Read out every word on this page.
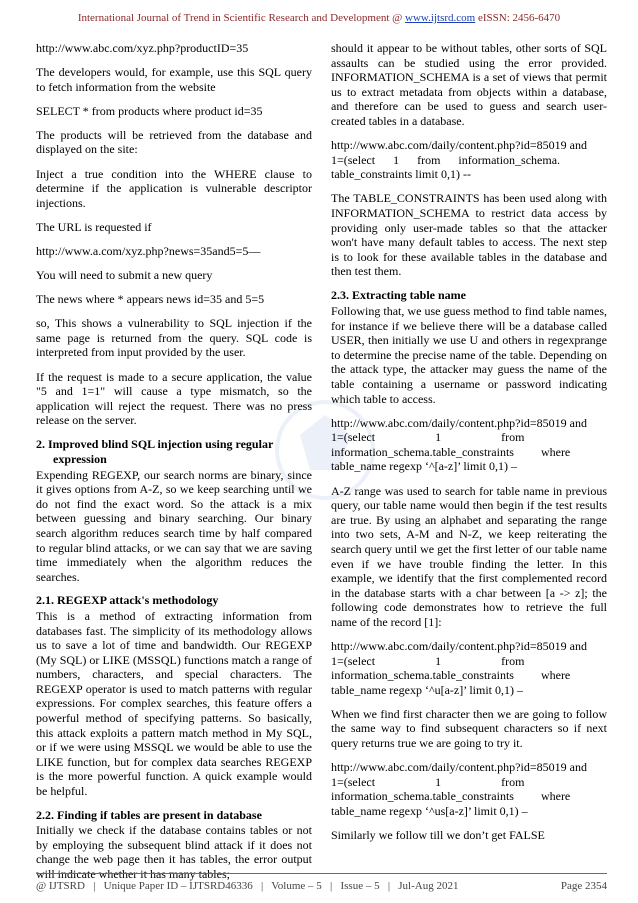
International Journal of Trend in Scientific Research and Development @ www.ijtsrd.com eISSN: 2456-6470

http://www.abc.com/xyz.php?productID=35

The developers would, for example, use this SQL query to fetch information from the website

SELECT * from products where product id=35

The products will be retrieved from the database and displayed on the site:

Inject a true condition into the WHERE clause to determine if the application is vulnerable descriptor injections.

The URL is requested if

http://www.a.com/xyz.php?news=35and5=5—

You will need to submit a new query

The news where * appears news id=35 and 5=5

so, This shows a vulnerability to SQL injection if the same page is returned from the query. SQL code is interpreted from input provided by the user.

If the request is made to a secure application, the value "5 and 1=1" will cause a type mismatch, so the application will reject the request. There was no press release on the server.

2. Improved blind SQL injection using regular expression

Expending REGEXP, our search norms are binary, since it gives options from A-Z, so we keep searching until we do not find the exact word. So the attack is a mix between guessing and binary searching. Our binary search algorithm reduces search time by half compared to regular blind attacks, or we can say that we are saving time immediately when the algorithm reduces the searches.

2.1. REGEXP attack's methodology

This is a method of extracting information from databases fast. The simplicity of its methodology allows us to save a lot of time and bandwidth. Our REGEXP (My SQL) or LIKE (MSSQL) functions match a range of numbers, characters, and special characters. The REGEXP operator is used to match patterns with regular expressions. For complex searches, this feature offers a powerful method of specifying patterns. So basically, this attack exploits a pattern match method in My SQL, or if we were using MSSQL we would be able to use the LIKE function, but for complex data searches REGEXP is the more powerful function. A quick example would be helpful.

2.2. Finding if tables are present in database

Initially we check if the database contains tables or not by employing the subsequent blind attack if it does not change the web page then it has tables, the error output will indicate whether it has many tables;

should it appear to be without tables, other sorts of SQL assaults can be studied using the error provided. INFORMATION_SCHEMA is a set of views that permit us to extract metadata from objects within a database, and therefore can be used to guess and search user-created tables in a database.

http://www.abc.com/daily/content.php?id=85019 and
1=(select      1      from      information_schema.
table_constraints limit 0,1) --

The TABLE_CONSTRAINTS has been used along with INFORMATION_SCHEMA to restrict data access by providing only user-made tables so that the attacker won't have many default tables to access. The next step is to look for these available tables in the database and then test them.

2.3. Extracting table name

Following that, we use guess method to find table names, for instance if we believe there will be a database called USER, then initially we use U and others in regexprange to determine the precise name of the table. Depending on the attack type, the attacker may guess the name of the table containing a username or password indicating which table to access.

http://www.abc.com/daily/content.php?id=85019 and
1=(select                    1                    from
information_schema.table_constraints         where
table_name regexp ‘^[a-z]’ limit 0,1) –

A-Z range was used to search for table name in previous query, our table name would then begin if the test results are true. By using an alphabet and separating the range into two sets, A-M and N-Z, we keep reiterating the search query until we get the first letter of our table name even if we have trouble finding the letter. In this example, we identify that the first complemented record in the database starts with a char between [a -> z]; the following code demonstrates how to retrieve the full name of the record [1]:

http://www.abc.com/daily/content.php?id=85019 and
1=(select                    1                    from
information_schema.table_constraints         where
table_name regexp ‘^u[a-z]’ limit 0,1) –

When we find first character then we are going to follow the same way to find subsequent characters so if next query returns true we are going to try it.

http://www.abc.com/daily/content.php?id=85019 and
1=(select                    1                    from
information_schema.table_constraints         where
table_name regexp ‘^us[a-z]’ limit 0,1) –

Similarly we follow till we don’t get FALSE

@ IJTSRD   |   Unique Paper ID – IJTSRD46336   |   Volume – 5   |   Issue – 5   |   Jul-Aug 2021	Page 2354
